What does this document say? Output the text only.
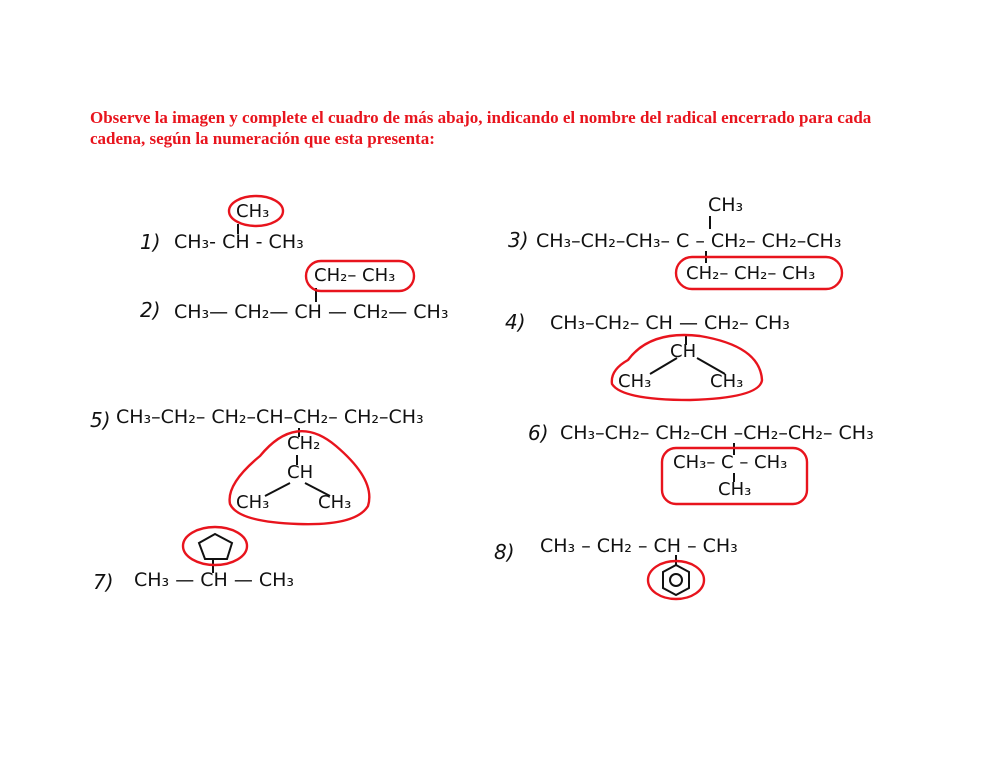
Observe la imagen y complete el cuadro de más abajo, indicando el nombre del radical encerrado para cada cadena, según la numeración que esta presenta:

1) CH₃- CH - CH₃
CH₃
2) CH₃— CH₂— CH — CH₂— CH₃
CH₂– CH₃
3)
CH₃
CH₃–CH₂–CH₃– C – CH₂– CH₂–CH₃
CH₂– CH₂– CH₃
4) CH₃–CH₂– CH — CH₂– CH₃
CH
CH₃	CH₃
5) CH₃–CH₂– CH₂–CH–CH₂– CH₂–CH₃
CH₂
CH
CH₃	CH₃
6) CH₃–CH₂– CH₂–CH –CH₂–CH₂– CH₃
CH₃– C – CH₃
CH₃
7) CH₃ — CH — CH₃
8) CH₃ – CH₂ – CH – CH₃
